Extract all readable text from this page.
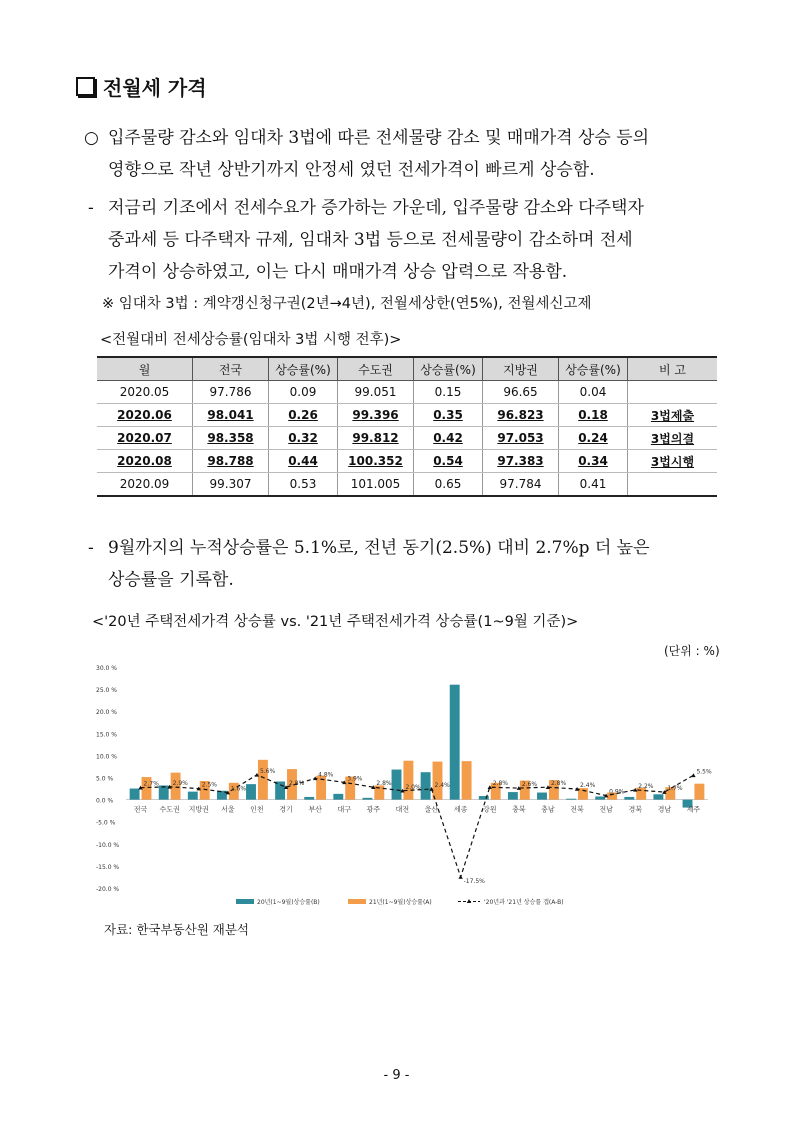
전월세 가격
○ 입주물량 감소와 임대차 3법에 따른 전세물량 감소 및 매매가격 상승 등의
영향으로 작년 상반기까지 안정세 였던 전세가격이 빠르게 상승함.
- 저금리 기조에서 전세수요가 증가하는 가운데, 입주물량 감소와 다주택자
중과세 등 다주택자 규제, 임대차 3법 등으로 전세물량이 감소하며 전세
가격이 상승하였고, 이는 다시 매매가격 상승 압력으로 작용함.
※ 임대차 3법 : 계약갱신청구권(2년→4년), 전월세상한(연5%), 전월세신고제
<전월대비 전세상승률(임대차 3법 시행 전후)>
월	전국	상승률(%)	수도권	상승률(%)	지방권	상승률(%)	비 고
2020.05	97.786	0.09	99.051	0.15	96.65	0.04	
2020.06	98.041	0.26	99.396	0.35	96.823	0.18	3법제출
2020.07	98.358	0.32	99.812	0.42	97.053	0.24	3법의결
2020.08	98.788	0.44	100.352	0.54	97.383	0.34	3법시행
2020.09	99.307	0.53	101.005	0.65	97.784	0.41	
- 9월까지의 누적상승률은 5.1%로, 전년 동기(2.5%) 대비 2.7%p 더 높은
상승률을 기록함.
<'20년 주택전세가격 상승률 vs. '21년 주택전세가격 상승률(1~9월 기준)>
(단위 : %)
30.0 %
25.0 %
20.0 %
15.0 %
10.0 %
5.0 %
0.0 %
-5.0 %
-10.0 %
-15.0 %
-20.0 %
전국 수도권 지방권 서울 인천 경기 부산 대구 광주 대전 울산 세종 강원 충북 충남 전북 전남 경북 경남 제주
2.7% 2.9% 2.5%
1.6%
5.6%
2.8%
4.8%
3.9%
2.8%
2.0% 2.4%
-17.5%
2.8% 2.6% 2.8% 2.4%
0.9%
2.2% 1.7%
5.5%
20년(1~9월)상승률(B)	21년(1~9월)상승률(A)	'20년과 '21년 상승률 갭(A-B)
자료: 한국부동산원 재분석
- 9 -
